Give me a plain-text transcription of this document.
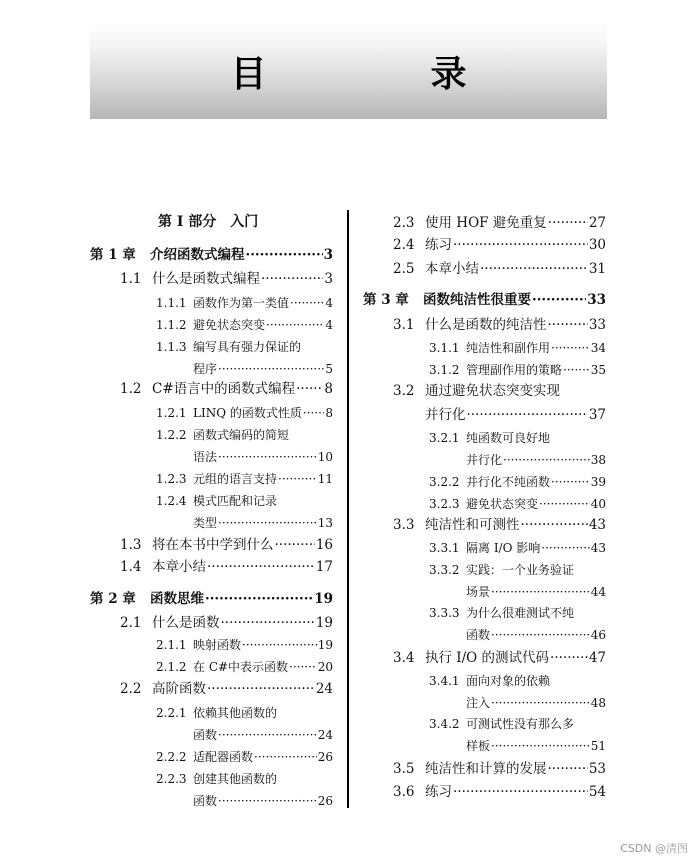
目　录
第 I 部分　入门
第 1 章	介绍函数式编程 ·····	3
1.1 什么是函数式编程 ·····	3
1.1.1 函数作为第一类值 ·····	4
1.1.2 避免状态突变 ·····	4
1.1.3 编写具有强力保证的
程序 ·····	5
1.2 C#语言中的函数式编程 ····· 8
1.2.1 LINQ 的函数式性质 ····· 8
1.2.2 函数式编码的简短
语法 ·····	10
1.2.3 元组的语言支持 ·····	11
1.2.4 模式匹配和记录
类型 ·····	13
1.3 将在本书中学到什么 ·····	16
1.4 本章小结 ·····	17
第 2 章	函数思维 ·····	19
2.1 什么是函数 ·····	19
2.1.1 映射函数 ·····	19
2.1.2 在 C#中表示函数 ····· 20
2.2 高阶函数 ·····	24
2.2.1 依赖其他函数的
函数 ·····	24
2.2.2 适配器函数 ·····	26
2.2.3 创建其他函数的
函数 ·····	26
2.3 使用 HOF 避免重复 ·····	27
2.4 练习 ·····	30
2.5 本章小结 ·····	31
第 3 章	函数纯洁性很重要 ·····	33
3.1 什么是函数的纯洁性 ·····	33
3.1.1 纯洁性和副作用 ·····	34
3.1.2 管理副作用的策略 ····· 35
3.2 通过避免状态突变实现
并行化 ·····	37
3.2.1 纯函数可良好地
并行化 ·····	38
3.2.2 并行化不纯函数 ·····	39
3.2.3 避免状态突变 ·····	40
3.3 纯洁性和可测性 ·····	43
3.3.1 隔离 I/O 影响 ·····	43
3.3.2 实践：一个业务验证
场景 ·····	44
3.3.3 为什么很难测试不纯
函数 ·····	46
3.4 执行 I/O 的测试代码 ·····	47
3.4.1 面向对象的依赖
注入 ·····	48
3.4.2 可测试性没有那么多
样板 ·····	51
3.5 纯洁性和计算的发展 ·····	53
3.6 练习 ·····	54
CSDN @清图
